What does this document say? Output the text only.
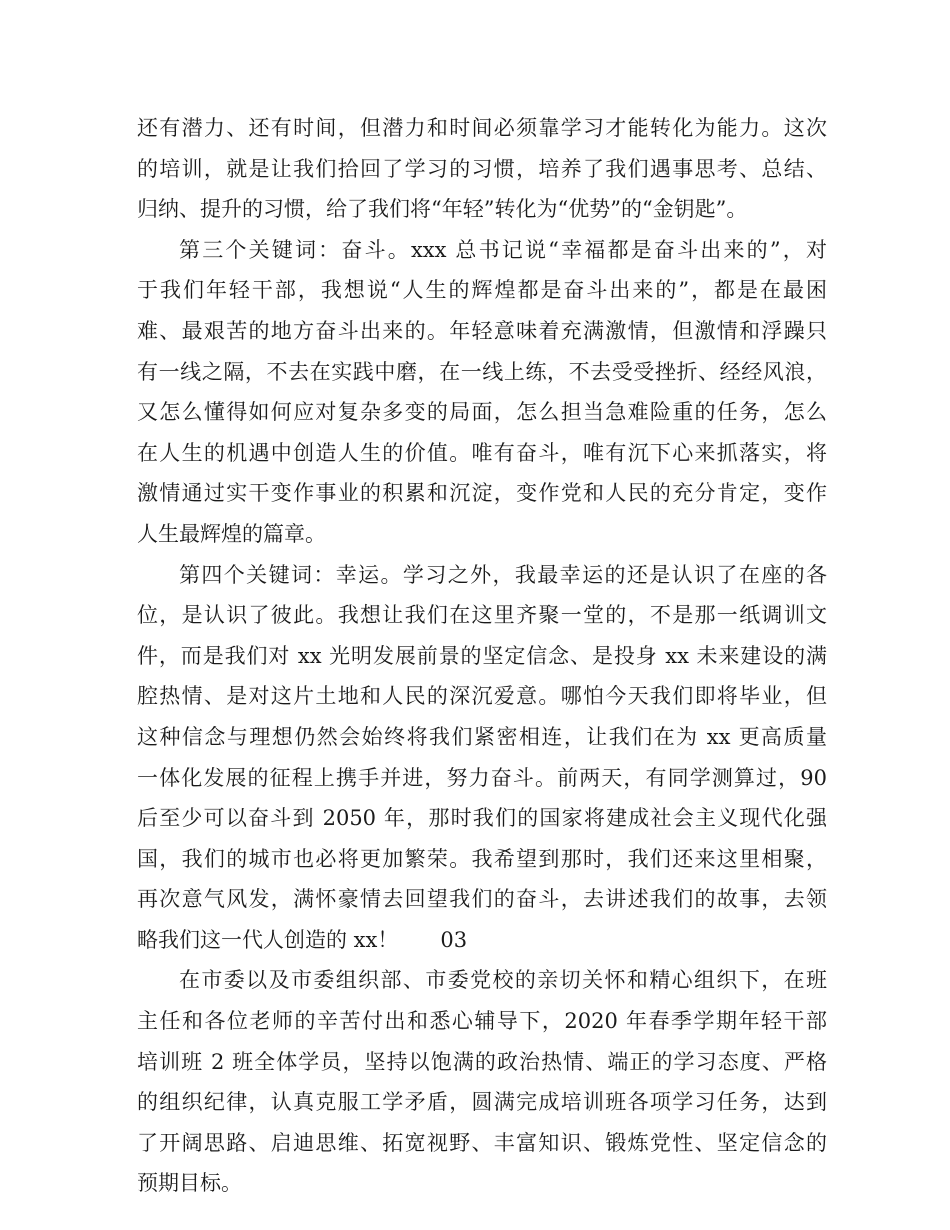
还有潜力、还有时间，但潜力和时间必须靠学习才能转化为能力。这次
的培训，就是让我们拾回了学习的习惯，培养了我们遇事思考、总结、
归纳、提升的习惯，给了我们将“年轻”转化为“优势”的“金钥匙”。
第三个关键词：奋斗。xxx 总书记说“幸福都是奋斗出来的”，对
于我们年轻干部，我想说“人生的辉煌都是奋斗出来的”，都是在最困
难、最艰苦的地方奋斗出来的。年轻意味着充满激情，但激情和浮躁只
有一线之隔，不去在实践中磨，在一线上练，不去受受挫折、经经风浪，
又怎么懂得如何应对复杂多变的局面，怎么担当急难险重的任务，怎么
在人生的机遇中创造人生的价值。唯有奋斗，唯有沉下心来抓落实，将
激情通过实干变作事业的积累和沉淀，变作党和人民的充分肯定，变作
人生最辉煌的篇章。
第四个关键词：幸运。学习之外，我最幸运的还是认识了在座的各
位，是认识了彼此。我想让我们在这里齐聚一堂的，不是那一纸调训文
件，而是我们对 xx 光明发展前景的坚定信念、是投身 xx 未来建设的满
腔热情、是对这片土地和人民的深沉爱意。哪怕今天我们即将毕业，但
这种信念与理想仍然会始终将我们紧密相连，让我们在为 xx 更高质量
一体化发展的征程上携手并进，努力奋斗。前两天，有同学测算过，90
后至少可以奋斗到 2050 年，那时我们的国家将建成社会主义现代化强
国，我们的城市也必将更加繁荣。我希望到那时，我们还来这里相聚，
再次意气风发，满怀豪情去回望我们的奋斗，去讲述我们的故事，去领
略我们这一代人创造的 xx！　　03
在市委以及市委组织部、市委党校的亲切关怀和精心组织下，在班
主任和各位老师的辛苦付出和悉心辅导下，2020 年春季学期年轻干部
培训班 2 班全体学员，坚持以饱满的政治热情、端正的学习态度、严格
的组织纪律，认真克服工学矛盾，圆满完成培训班各项学习任务，达到
了开阔思路、启迪思维、拓宽视野、丰富知识、锻炼党性、坚定信念的
预期目标。
